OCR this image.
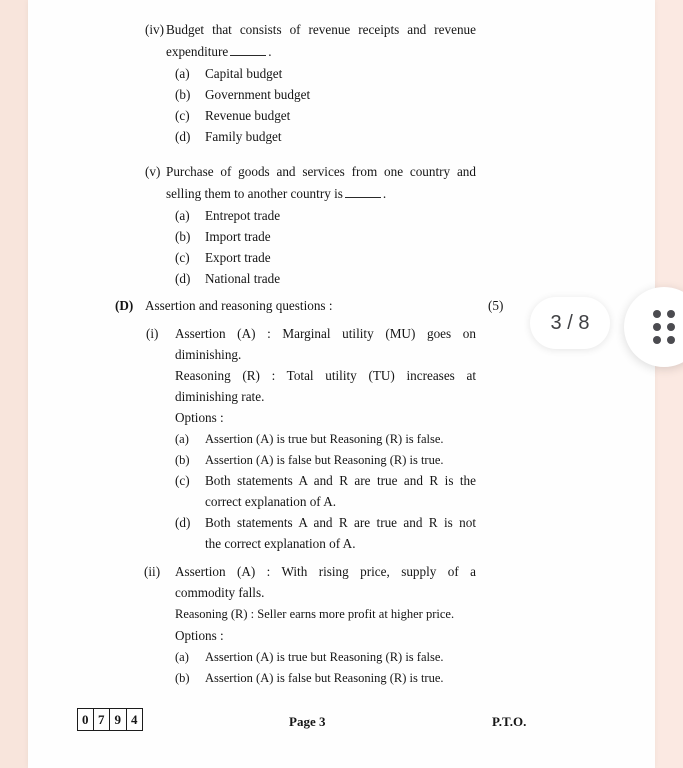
(iv) Budget that consists of revenue receipts and revenue
expenditure	.
(a) Capital budget
(b) Government budget
(c) Revenue budget
(d) Family budget
(v) Purchase of goods and services from one country and
selling them to another country is	.
(a) Entrepot trade
(b) Import trade
(c) Export trade
(d) National trade
(D) Assertion and reasoning questions :	(5)
(i) Assertion (A) : Marginal utility (MU) goes on
diminishing.
Reasoning (R) : Total utility (TU) increases at
diminishing rate.
Options :
(a) Assertion (A) is true but Reasoning (R) is false.
(b) Assertion (A) is false but Reasoning (R) is true.
(c) Both statements A and R are true and R is the
correct explanation of A.
(d) Both statements A and R are true and R is not
the correct explanation of A.
(ii) Assertion (A) : With rising price, supply of a
commodity falls.
Reasoning (R) : Seller earns more profit at higher price.
Options :
(a) Assertion (A) is true but Reasoning (R) is false.
(b) Assertion (A) is false but Reasoning (R) is true.
0 7 9 4	Page 3	P.T.O.
3 / 8
